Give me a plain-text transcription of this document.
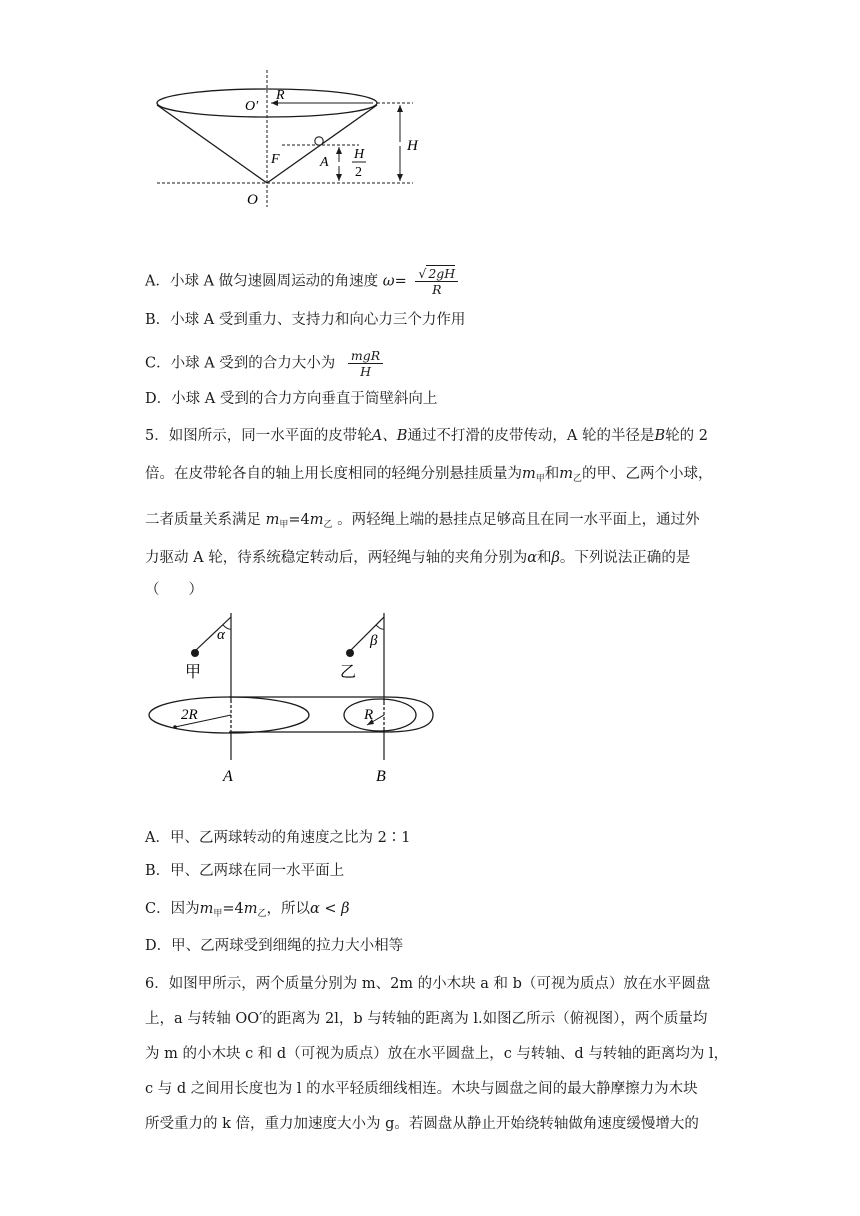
O′
R
F	A
H
2
H
O
A．小球 A 做匀速圆周运动的角速度 $\omega= \frac{√ 2gH}{R}$
B．小球 A 受到重力、支持力和向心力三个力作用
C．小球 A 受到的合力大小为 $\frac{\text{mgR}}{H}$
D．小球 A 受到的合力方向垂直于筒壁斜向上
5．如图所示，同一水平面的皮带轮A、B通过不打滑的皮带传动，A 轮的半径是B轮的 2
倍。在皮带轮各自的轴上用长度相同的轻绳分别悬挂质量为$m_甲$和$m_乙$的甲、乙两个小球，
二者质量关系满足 $m_甲=4m_乙$ 。两轻绳上端的悬挂点足够高且在同一水平面上，通过外
力驱动 A 轮，待系统稳定转动后，两轻绳与轴的夹角分别为α和β。下列说法正确的是
（　　）
α
甲
β
乙
2R	R
A	B
A．甲、乙两球转动的角速度之比为 2∶1
B．甲、乙两球在同一水平面上
C．因为$m_甲=4m_乙$，所以α < β
D．甲、乙两球受到细绳的拉力大小相等
6．如图甲所示，两个质量分别为 m、2m 的小木块 a 和 b（可视为质点）放在水平圆盘
上，a 与转轴 OO′的距离为 2l，b 与转轴的距离为 l.如图乙所示（俯视图），两个质量均
为 m 的小木块 c 和 d（可视为质点）放在水平圆盘上，c 与转轴、d 与转轴的距离均为 l，
c 与 d 之间用长度也为 l 的水平轻质细线相连。木块与圆盘之间的最大静摩擦力为木块
所受重力的 k 倍，重力加速度大小为 g。若圆盘从静止开始绕转轴做角速度缓慢增大的
